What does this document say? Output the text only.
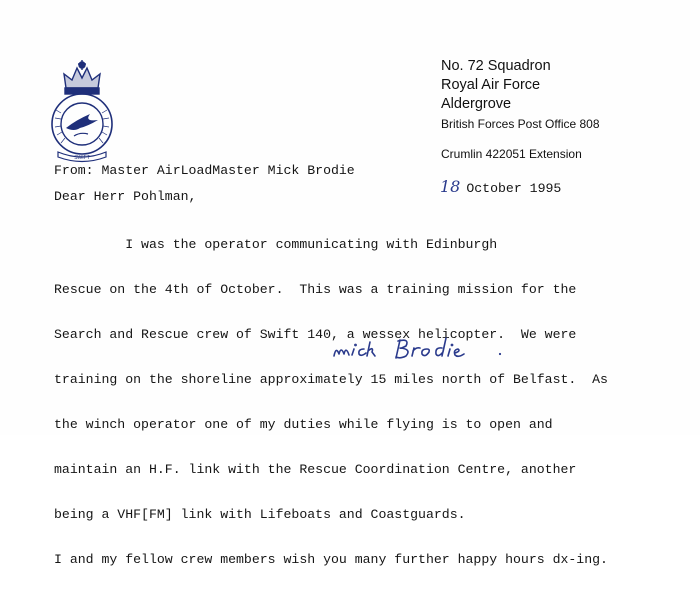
SWIFT
No. 72 Squadron
Royal Air Force
Aldergrove
British Forces Post Office 808
Crumlin 422051 Extension
From: Master AirLoadMaster Mick Brodie
18 October 1995
Dear Herr Pohlman,

I was the operator communicating with Edinburgh

Rescue on the 4th of October.  This was a training mission for the

Search and Rescue crew of Swift 140, a wessex helicopter.  We were

training on the shoreline approximately 15 miles north of Belfast.  As

the winch operator one of my duties while flying is to open and

maintain an H.F. link with the Rescue Coordination Centre, another

being a VHF[FM] link with Lifeboats and Coastguards.

I and my fellow crew members wish you many further happy hours dx-ing.
